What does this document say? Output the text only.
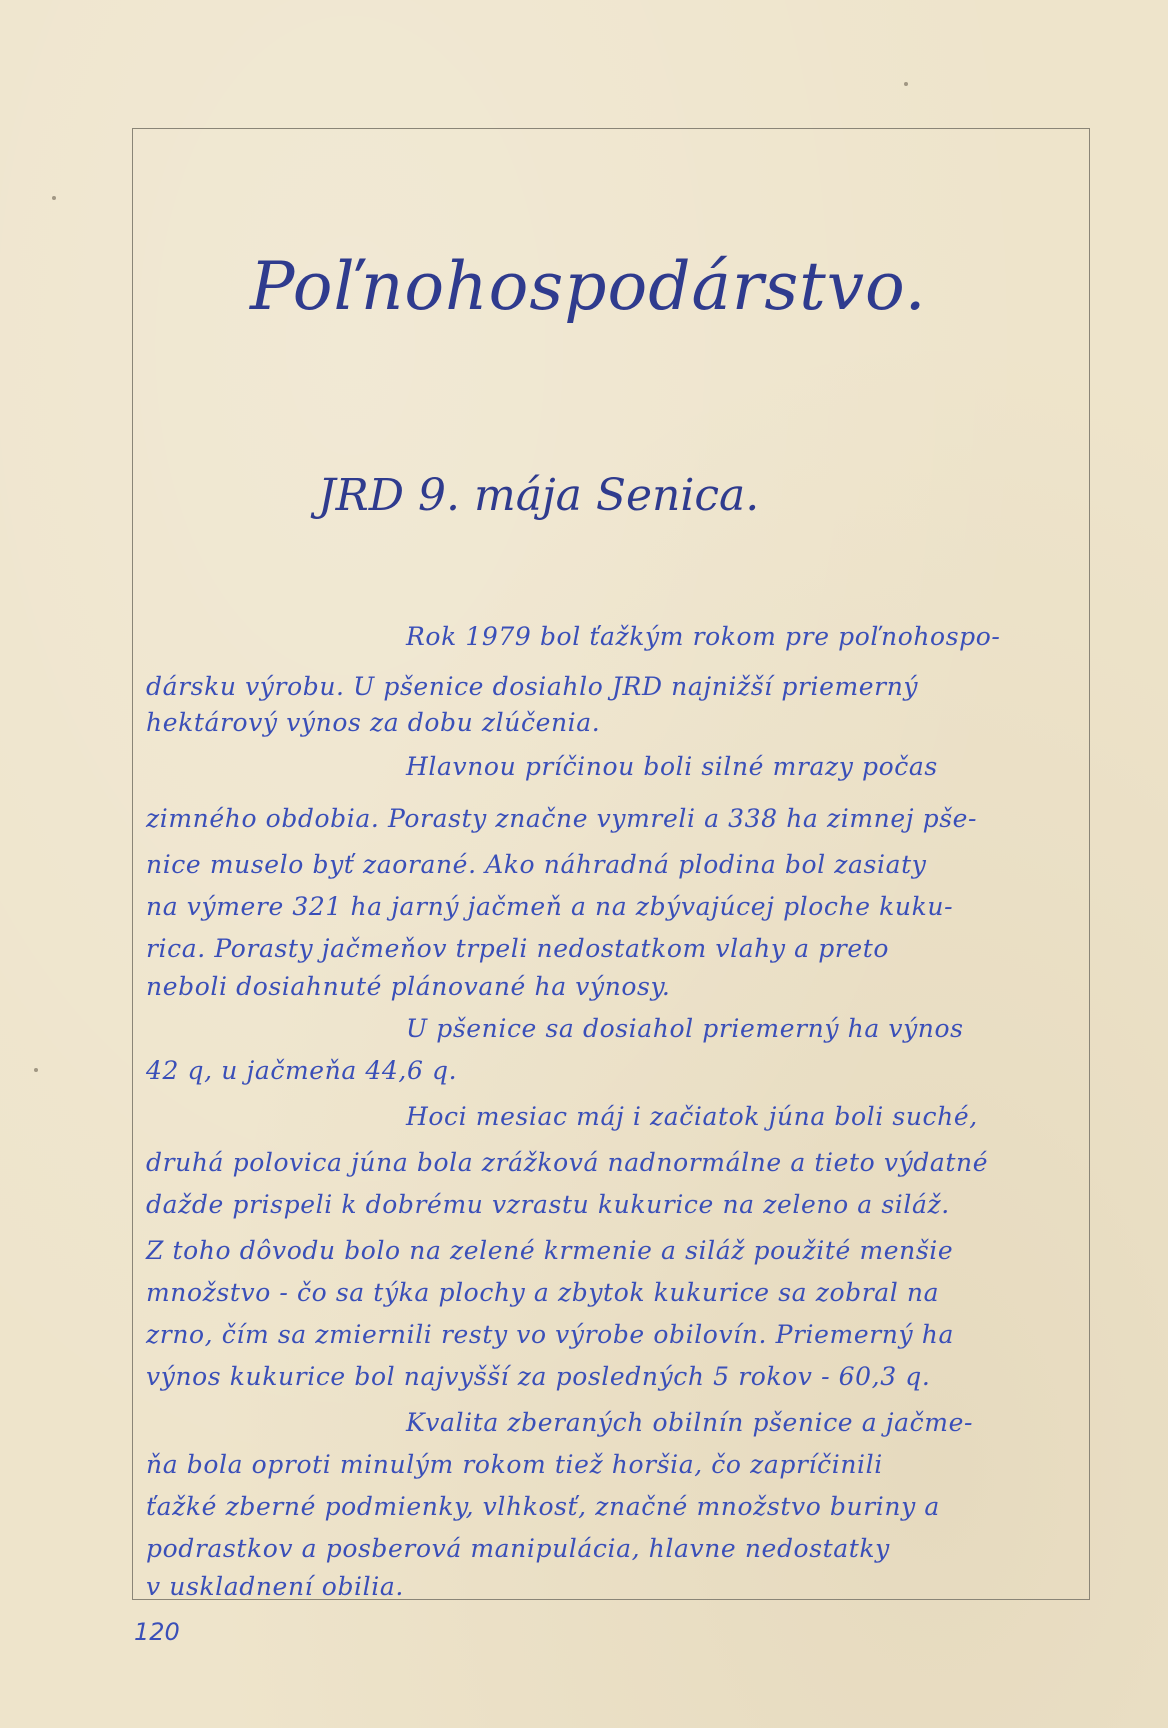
Poľnohospodárstvo.
JRD 9. mája Senica.

Rok 1979 bol ťažkým rokom pre poľnohospo-

dársku výrobu. U pšenice dosiahlo JRD najnižší priemerný

hektárový výnos za dobu zlúčenia.

Hlavnou príčinou boli silné mrazy počas

zimného obdobia. Porasty značne vymreli a 338 ha zimnej pše-

nice muselo byť zaorané. Ako náhradná plodina bol zasiaty

na výmere 321 ha jarný jačmeň a na zbývajúcej ploche kuku-

rica. Porasty jačmeňov trpeli nedostatkom vlahy a preto

neboli dosiahnuté plánované ha výnosy.

U pšenice sa dosiahol priemerný ha výnos

42 q, u jačmeňa 44,6 q.

Hoci mesiac máj i začiatok júna boli suché,

druhá polovica júna bola zrážková nadnormálne a tieto výdatné

dažde prispeli k dobrému vzrastu kukurice na zeleno a siláž.

Z toho dôvodu bolo na zelené krmenie a siláž použité menšie

množstvo - čo sa týka plochy a zbytok kukurice sa zobral na

zrno, čím sa zmiernili resty vo výrobe obilovín. Priemerný ha

výnos kukurice bol najvyšší za posledných 5 rokov - 60,3 q.

Kvalita zberaných obilnín pšenice a jačme-

ňa bola oproti minulým rokom tiež horšia, čo zapríčinili

ťažké zberné podmienky, vlhkosť, značné množstvo buriny a

podrastkov a posberová manipulácia, hlavne nedostatky

v uskladnení obilia.

120
